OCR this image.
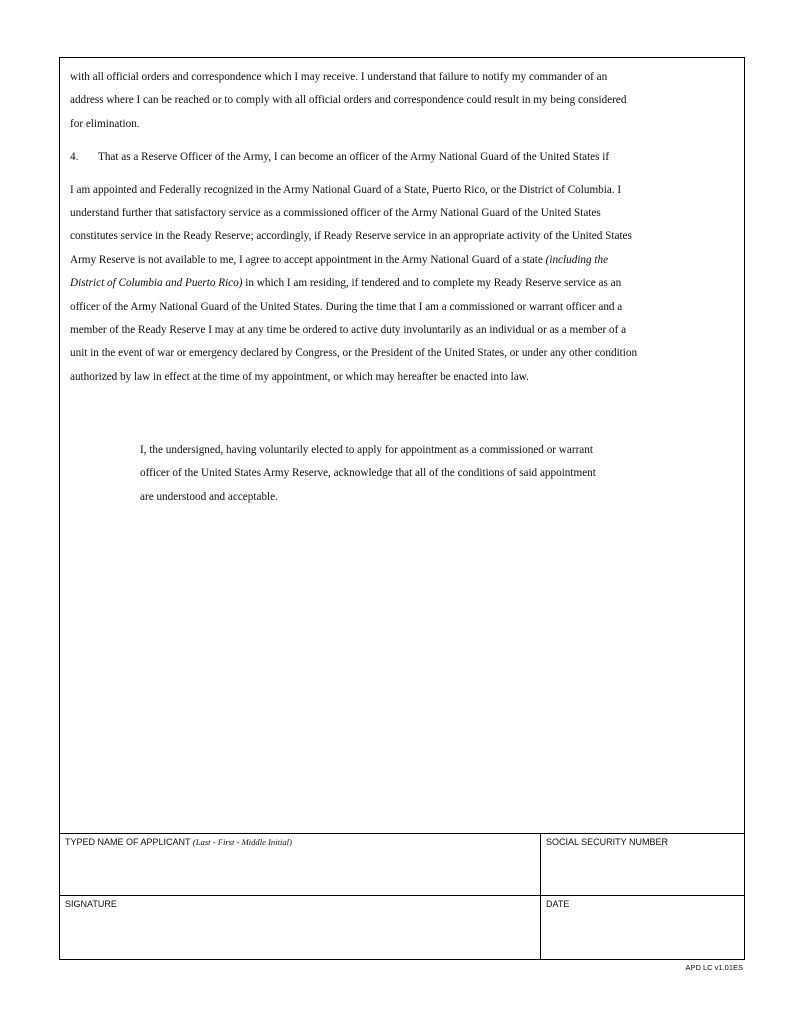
with all official orders and correspondence which I may receive. I understand that failure to notify my commander of an

address where I can be reached or to comply with all official orders and correspondence could result in my being considered

for elimination.

4. That as a Reserve Officer of the Army, I can become an officer of the Army National Guard of the United States if

I am appointed and Federally recognized in the Army National Guard of a State, Puerto Rico, or the District of Columbia. I

understand further that satisfactory service as a commissioned officer of the Army National Guard of the United States

constitutes service in the Ready Reserve; accordingly, if Ready Reserve service in an appropriate activity of the United States

Army Reserve is not available to me, I agree to accept appointment in the Army National Guard of a state (including the

District of Columbia and Puerto Rico) in which I am residing, if tendered and to complete my Ready Reserve service as an

officer of the Army National Guard of the United States. During the time that I am a commissioned or warrant officer and a

member of the Ready Reserve I may at any time be ordered to active duty involuntarily as an individual or as a member of a

unit in the event of war or emergency declared by Congress, or the President of the United States, or under any other condition

authorized by law in effect at the time of my appointment, or which may hereafter be enacted into law.

I, the undersigned, having voluntarily elected to apply for appointment as a commissioned or warrant

officer of the United States Army Reserve, acknowledge that all of the conditions of said appointment

are understood and acceptable.

TYPED NAME OF APPLICANT (Last - First - Middle Initial)	SOCIAL SECURITY NUMBER
SIGNATURE	DATE
APD LC v1.01ES
